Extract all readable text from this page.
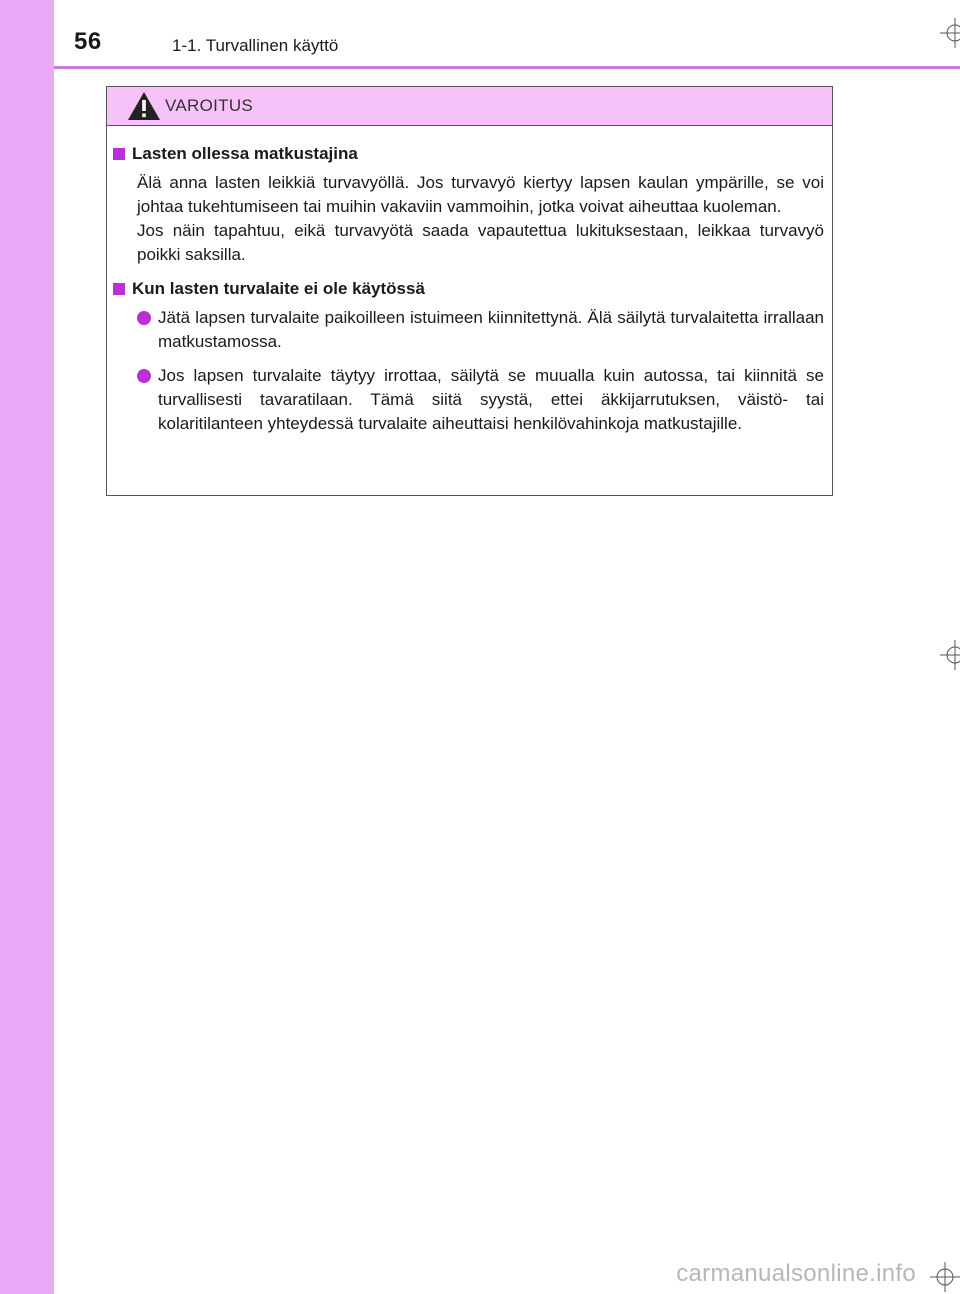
56	1-1. Turvallinen käyttö
VAROITUS
Lasten ollessa matkustajina

Älä anna lasten leikkiä turvavyöllä. Jos turvavyö kiertyy lapsen kaulan ympärille, se voi johtaa tukehtumiseen tai muihin vakaviin vammoihin, jotka voivat aiheuttaa kuoleman.

Jos näin tapahtuu, eikä turvavyötä saada vapautettua lukituksestaan, leikkaa turvavyö poikki saksilla.

Kun lasten turvalaite ei ole käytössä
Jätä lapsen turvalaite paikoilleen istuimeen kiinnitettynä. Älä säilytä turvalaitetta irrallaan matkustamossa.
Jos lapsen turvalaite täytyy irrottaa, säilytä se muualla kuin autossa, tai kiinnitä se turvallisesti tavaratilaan. Tämä siitä syystä, ettei äkkijarrutuksen, väistö- tai kolaritilanteen yhteydessä turvalaite aiheuttaisi henkilövahinkoja matkustajille.
carmanualsonline.info
